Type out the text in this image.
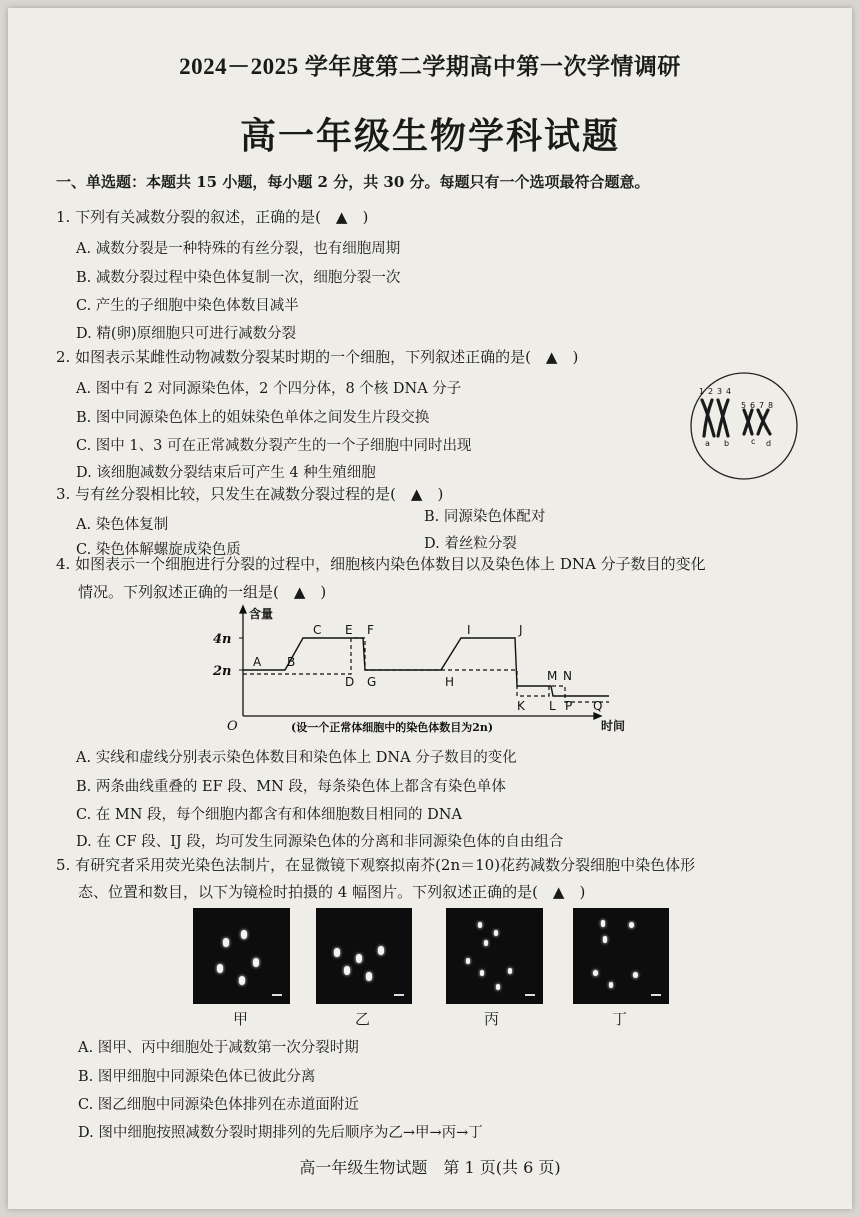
2024－2025 学年度第二学期高中第一次学情调研
高一年级生物学科试题
一、单选题：本题共 15 小题，每小题 2 分，共 30 分。每题只有一个选项最符合题意。
1. 下列有关减数分裂的叙述，正确的是(　▲　)
A. 减数分裂是一种特殊的有丝分裂，也有细胞周期
B. 减数分裂过程中染色体复制一次，细胞分裂一次
C. 产生的子细胞中染色体数目减半
D. 精(卵)原细胞只可进行减数分裂
2. 如图表示某雌性动物减数分裂某时期的一个细胞，下列叙述正确的是(　▲　)
A. 图中有 2 对同源染色体，2 个四分体，8 个核 DNA 分子
B. 图中同源染色体上的姐妹染色单体之间发生片段交换
C. 图中 1、3 可在正常减数分裂产生的一个子细胞中同时出现
D. 该细胞减数分裂结束后可产生 4 种生殖细胞
1 2 3 4
5 6 7 8
a b	c d
3. 与有丝分裂相比较，只发生在减数分裂过程的是(　▲　)
A. 染色体复制	B. 同源染色体配对
C. 染色体解螺旋成染色质	D. 着丝粒分裂
4. 如图表示一个细胞进行分裂的过程中，细胞核内染色体数目以及染色体上 DNA 分子数目的变化
情况。下列叙述正确的一组是(　▲　)
4n
2n
含量
O	时间
(设一个正常体细胞中的染色体数目为2n)
A B
C
D
E F
G	H
I	J
K
M N
L P Q
A. 实线和虚线分别表示染色体数目和染色体上 DNA 分子数目的变化
B. 两条曲线重叠的 EF 段、MN 段，每条染色体上都含有染色单体
C. 在 MN 段，每个细胞内都含有和体细胞数目相同的 DNA
D. 在 CF 段、IJ 段，均可发生同源染色体的分离和非同源染色体的自由组合
5. 有研究者采用荧光染色法制片，在显微镜下观察拟南芥(2n＝10)花药减数分裂细胞中染色体形
态、位置和数目，以下为镜检时拍摄的 4 幅图片。下列叙述正确的是(　▲　)
甲	乙	丙	丁
A. 图甲、丙中细胞处于减数第一次分裂时期
B. 图甲细胞中同源染色体已彼此分离
C. 图乙细胞中同源染色体排列在赤道面附近
D. 图中细胞按照减数分裂时期排列的先后顺序为乙→甲→丙→丁
高一年级生物试题　第 1 页(共 6 页)
